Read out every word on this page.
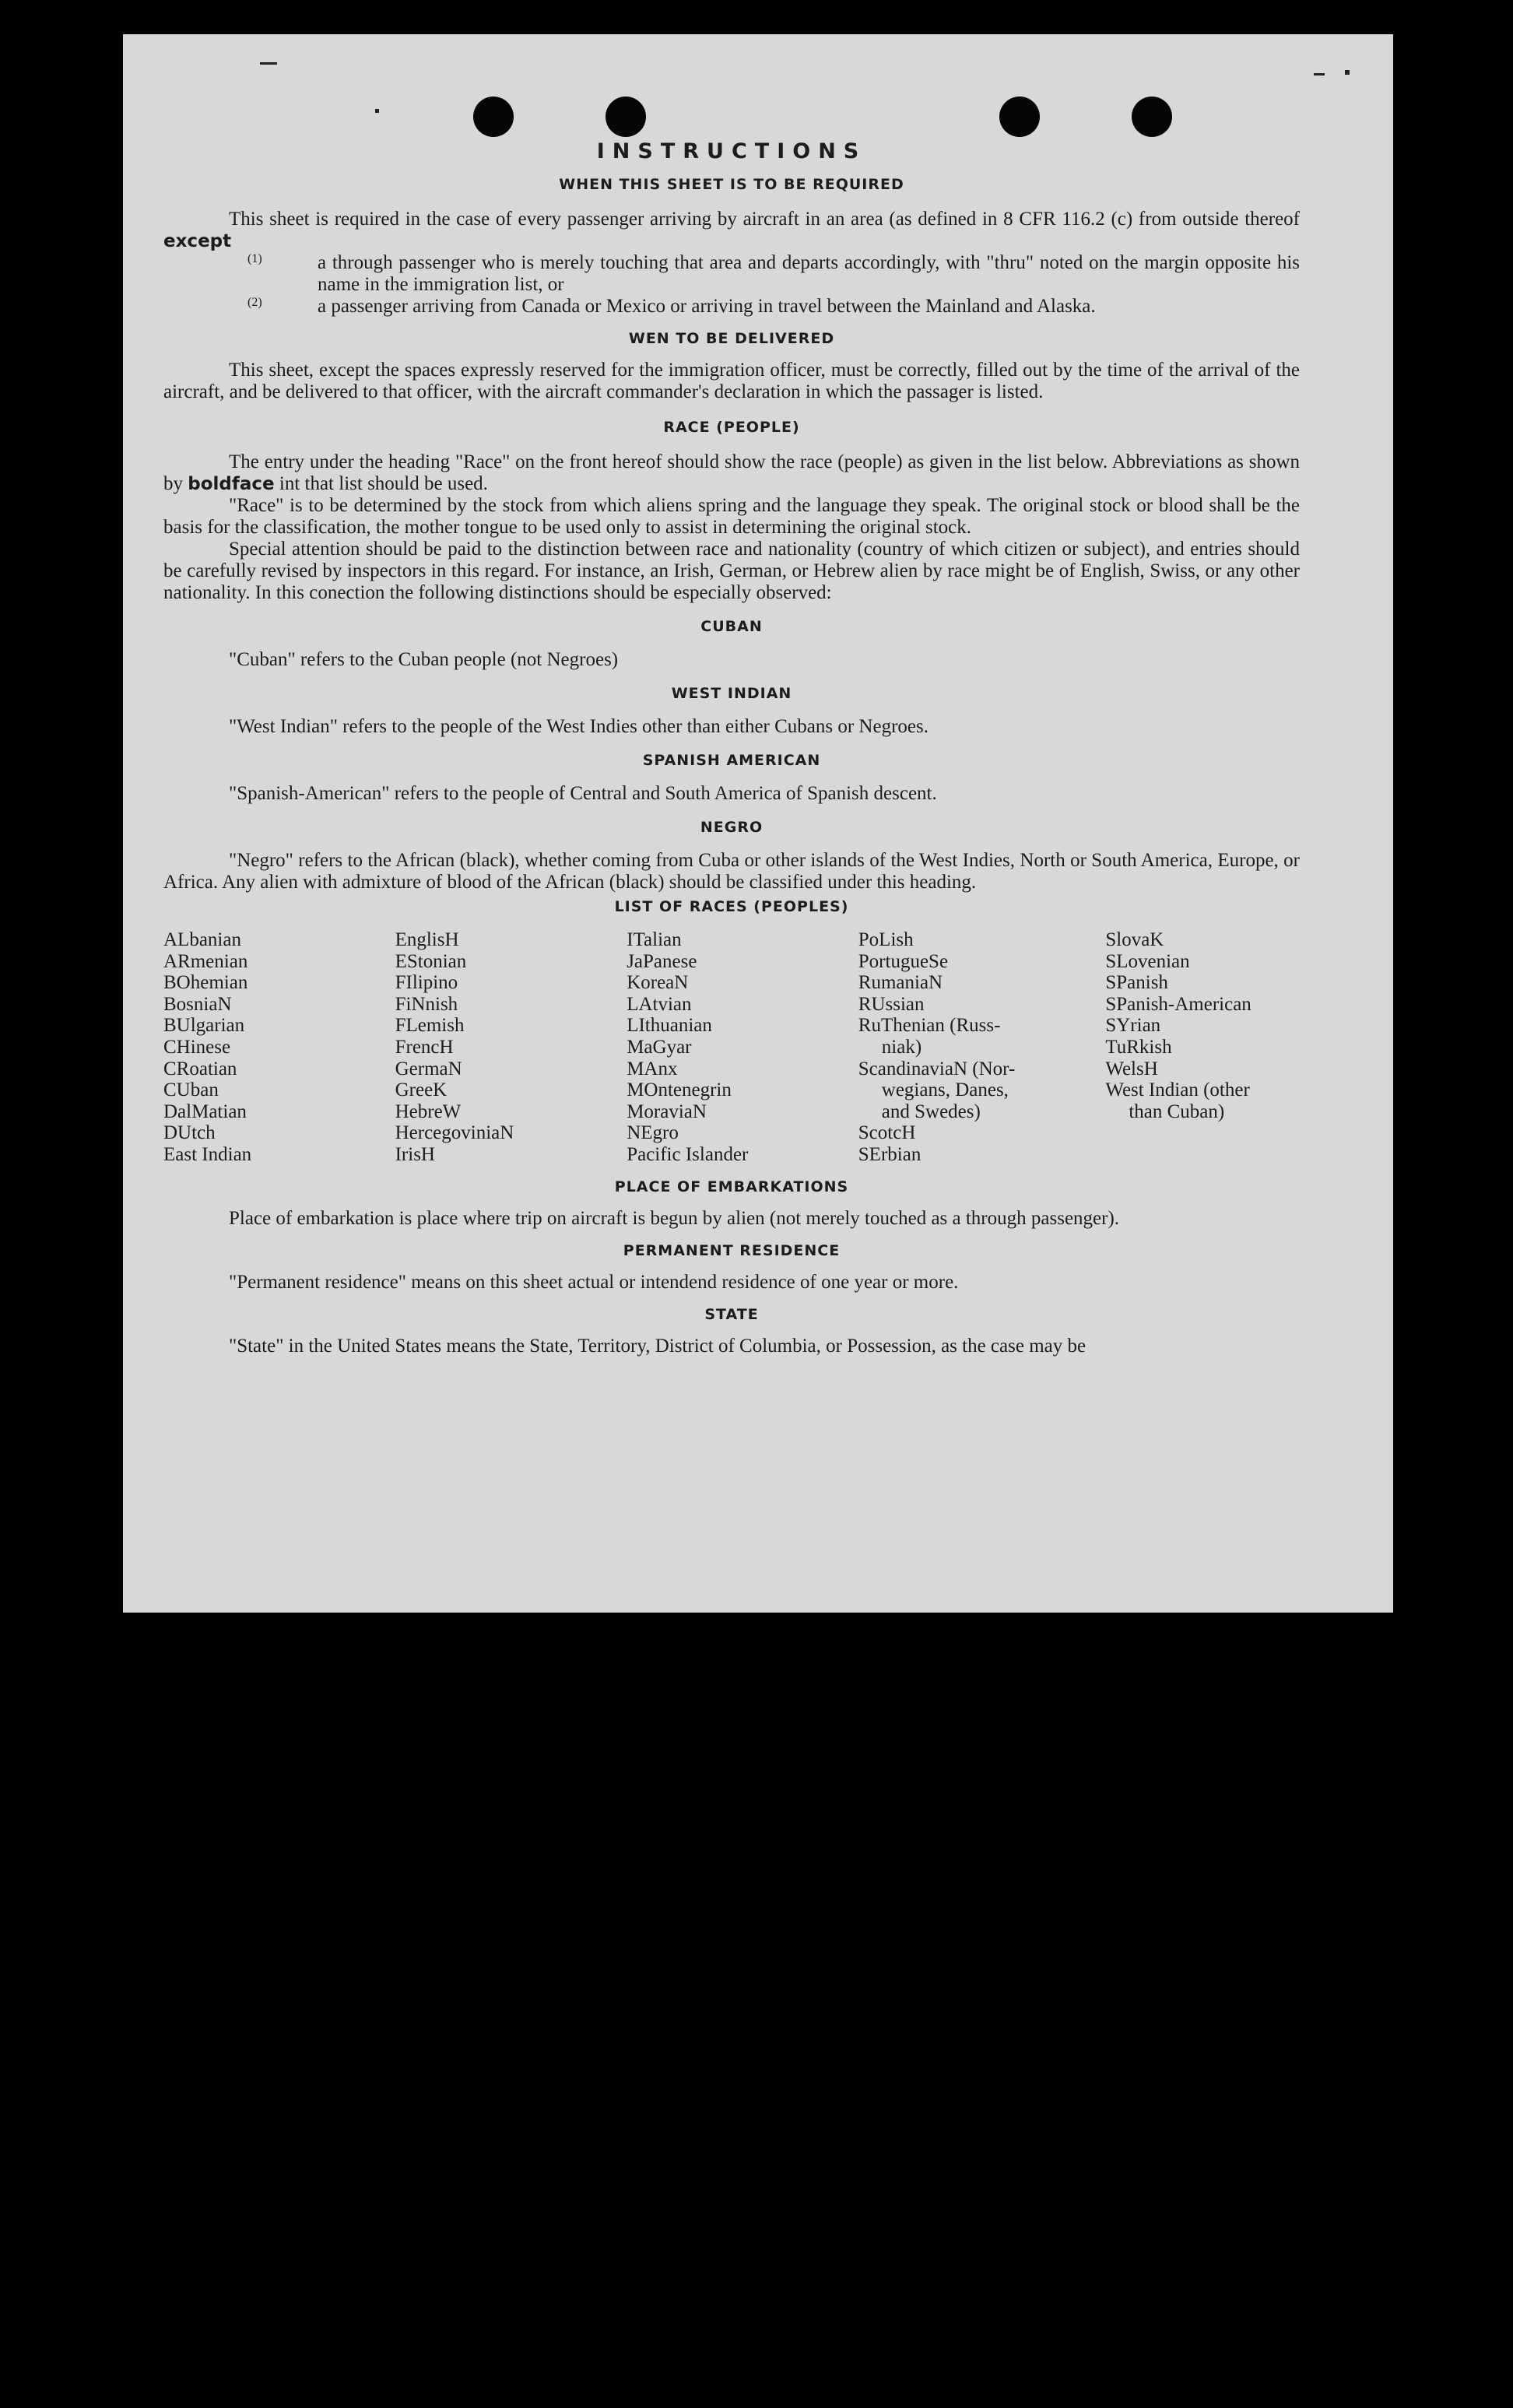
INSTRUCTIONS
WHEN THIS SHEET IS TO BE REQUIRED

This sheet is required in the case of every passenger arriving by aircraft in an area (as defined in 8 CFR 116.2 (c) from outside thereof except

(1)	a through passenger who is merely touching that area and departs accordingly, with "thru" noted on the margin opposite his name in the immigration list, or

(2)	a passenger arriving from Canada or Mexico or arriving in travel between the Mainland and Alaska.

WEN TO BE DELIVERED

This sheet, except the spaces expressly reserved for the immigration officer, must be correctly, filled out by the time of the arrival of the aircraft, and be delivered to that officer, with the aircraft commander's declaration in which the passager is listed.

RACE (PEOPLE)

The entry under the heading "Race" on the front hereof should show the race (people) as given in the list below. Abbreviations as shown by boldface int that list should be used.

"Race" is to be determined by the stock from which aliens spring and the language they speak. The original stock or blood shall be the basis for the classification, the mother tongue to be used only to assist in determining the original stock.

Special attention should be paid to the distinction between race and nationality (country of which citizen or subject), and entries should be carefully revised by inspectors in this regard. For instance, an Irish, German, or Hebrew alien by race might be of English, Swiss, or any other nationality. In this conection the following distinctions should be especially observed:

CUBAN

"Cuban" refers to the Cuban people (not Negroes)

WEST INDIAN

"West Indian" refers to the people of the West Indies other than either Cubans or Negroes.

SPANISH AMERICAN

"Spanish-American" refers to the people of Central and South America of Spanish descent.

NEGRO

"Negro" refers to the African (black), whether coming from Cuba or other islands of the West Indies, North or South America, Europe, or Africa. Any alien with admixture of blood of the African (black) should be classified under this heading.

LIST OF RACES (PEOPLES)
ALbanian
ARmenian
BOhemian
BosniaN
BUlgarian
CHinese
CRoatian
CUban
DalMatian
DUtch
East Indian
EnglisH
EStonian
FIlipino
FiNnish
FLemish
FrencH
GermaN
GreeK
HebreW
HercegoviniaN
IrisH
ITalian
JaPanese
KoreaN
LAtvian
LIthuanian
MaGyar
MAnx
MOntenegrin
MoraviaN
NEgro
Pacific Islander
PoLish
PortugueSe
RumaniaN
RUssian
RuThenian (Russ-
niak)
ScandinaviaN (Nor-
wegians, Danes,
and Swedes)
ScotcH
SErbian
SlovaK
SLovenian
SPanish
SPanish-American
SYrian
TuRkish
WelsH
West Indian (other
than Cuban)
PLACE OF EMBARKATIONS

Place of embarkation is place where trip on aircraft is begun by alien (not merely touched as a through passenger).

PERMANENT RESIDENCE

"Permanent residence" means on this sheet actual or intendend residence of one year or more.

STATE

"State" in the United States means the State, Territory, District of Columbia, or Possession, as the case may be
